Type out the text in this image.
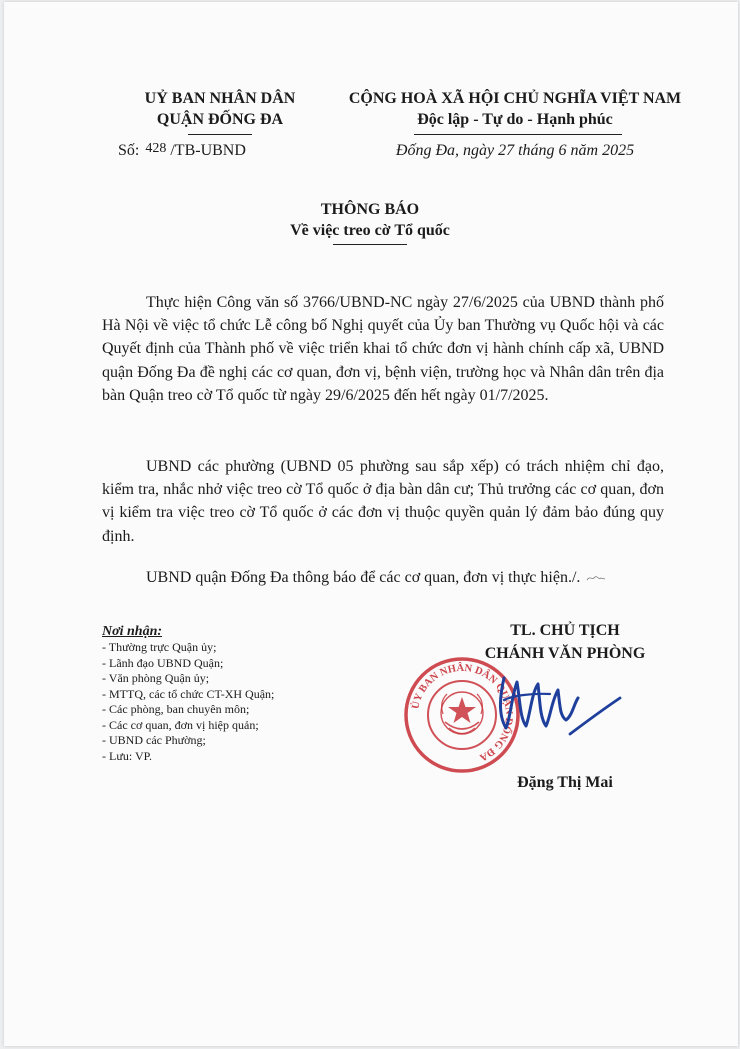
UỶ BAN NHÂN DÂN
QUẬN ĐỐNG ĐA
Số: 428 /TB-UBND
CỘNG HOÀ XÃ HỘI CHỦ NGHĨA VIỆT NAM
Độc lập - Tự do - Hạnh phúc
Đống Đa, ngày 27 tháng 6 năm 2025
THÔNG BÁO
Về việc treo cờ Tổ quốc
Thực hiện Công văn số 3766/UBND-NC ngày 27/6/2025 của UBND thành phố Hà Nội về việc tổ chức Lễ công bố Nghị quyết của Ủy ban Thường vụ Quốc hội và các Quyết định của Thành phố về việc triển khai tổ chức đơn vị hành chính cấp xã, UBND quận Đống Đa đề nghị các cơ quan, đơn vị, bệnh viện, trường học và Nhân dân trên địa bàn Quận treo cờ Tổ quốc từ ngày 29/6/2025 đến hết ngày 01/7/2025.
UBND các phường (UBND 05 phường sau sắp xếp) có trách nhiệm chỉ đạo, kiểm tra, nhắc nhở việc treo cờ Tổ quốc ở địa bàn dân cư; Thủ trưởng các cơ quan, đơn vị kiểm tra việc treo cờ Tổ quốc ở các đơn vị thuộc quyền quản lý đảm bảo đúng quy định.
UBND quận Đống Đa thông báo để các cơ quan, đơn vị thực hiện./.
Nơi nhận:
- Thường trực Quận ủy;
- Lãnh đạo UBND Quận;
- Văn phòng Quận ủy;
- MTTQ, các tổ chức CT-XH Quận;
- Các phòng, ban chuyên môn;
- Các cơ quan, đơn vị hiệp quản;
- UBND các Phường;
- Lưu: VP.
TL. CHỦ TỊCH
CHÁNH VĂN PHÒNG
ỦY BAN NHÂN DÂN QUẬN ĐỐNG ĐA
Đặng Thị Mai
